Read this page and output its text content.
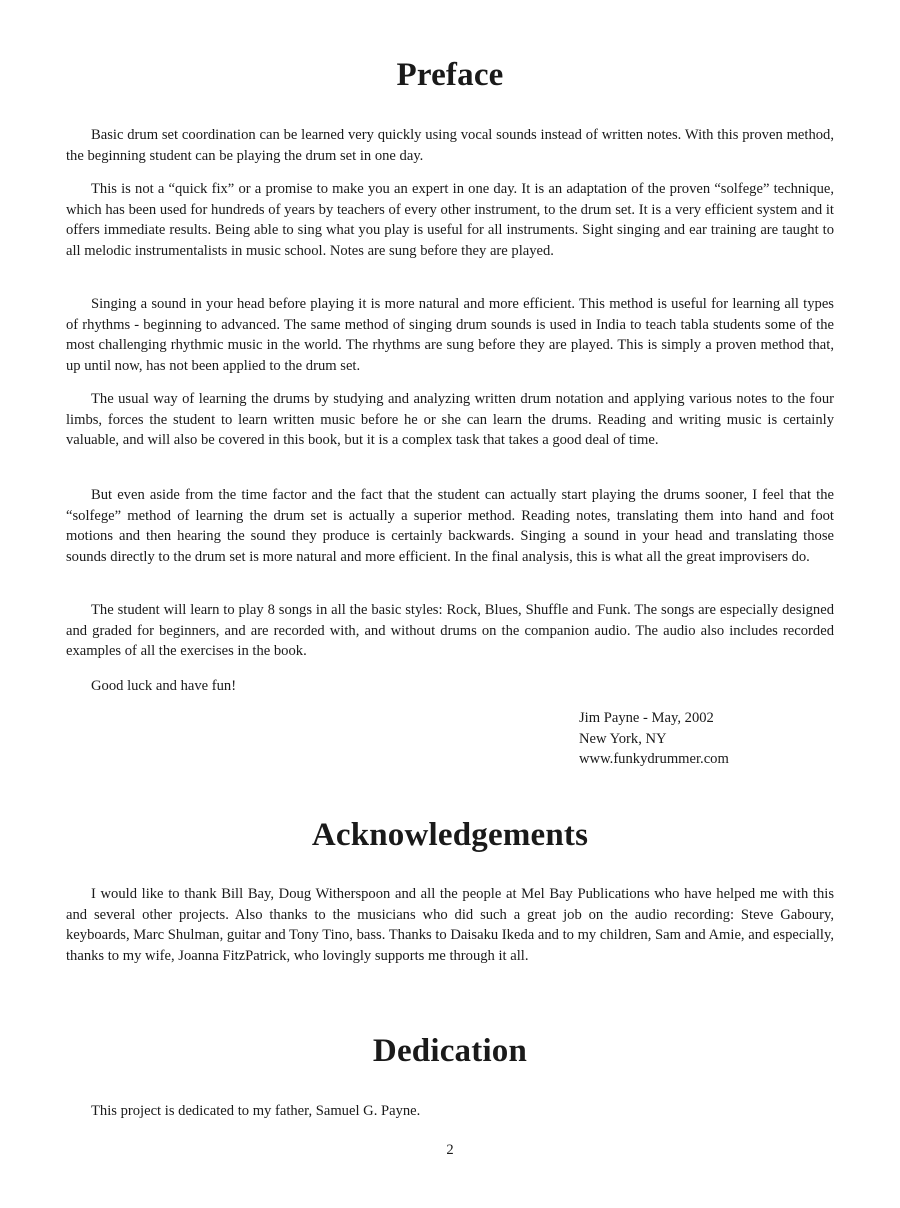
Preface

Basic drum set coordination can be learned very quickly using vocal sounds instead of written notes. With this proven method, the beginning student can be playing the drum set in one day.

This is not a “quick fix” or a promise to make you an expert in one day. It is an adaptation of the proven “solfege” technique, which has been used for hundreds of years by teachers of every other instrument, to the drum set. It is a very efficient system and it offers immediate results. Being able to sing what you play is useful for all instruments. Sight singing and ear training are taught to all melodic instrumentalists in music school. Notes are sung before they are played.

Singing a sound in your head before playing it is more natural and more efficient. This method is useful for learning all types of rhythms - beginning to advanced. The same method of singing drum sounds is used in India to teach tabla students some of the most challenging rhythmic music in the world. The rhythms are sung before they are played. This is simply a proven method that, up until now, has not been applied to the drum set.

The usual way of learning the drums by studying and analyzing written drum notation and applying various notes to the four limbs, forces the student to learn written music before he or she can learn the drums. Reading and writing music is certainly valuable, and will also be covered in this book, but it is a complex task that takes a good deal of time.

But even aside from the time factor and the fact that the student can actually start playing the drums sooner, I feel that the “solfege” method of learning the drum set is actually a superior method. Reading notes, translating them into hand and foot motions and then hearing the sound they produce is certainly backwards. Singing a sound in your head and translating those sounds directly to the drum set is more natural and more efficient. In the final analysis, this is what all the great improvisers do.

The student will learn to play 8 songs in all the basic styles: Rock, Blues, Shuffle and Funk. The songs are especially designed and graded for beginners, and are recorded with, and without drums on the companion audio. The audio also includes recorded examples of all the exercises in the book.

Good luck and have fun!

Jim Payne - May, 2002
New York, NY
www.funkydrummer.com
Acknowledgements

I would like to thank Bill Bay, Doug Witherspoon and all the people at Mel Bay Publications who have helped me with this and several other projects. Also thanks to the musicians who did such a great job on the audio recording: Steve Gaboury, keyboards, Marc Shulman, guitar and Tony Tino, bass. Thanks to Daisaku Ikeda and to my children, Sam and Amie, and especially, thanks to my wife, Joanna FitzPatrick, who lovingly supports me through it all.

Dedication

This project is dedicated to my father, Samuel G. Payne.

2
